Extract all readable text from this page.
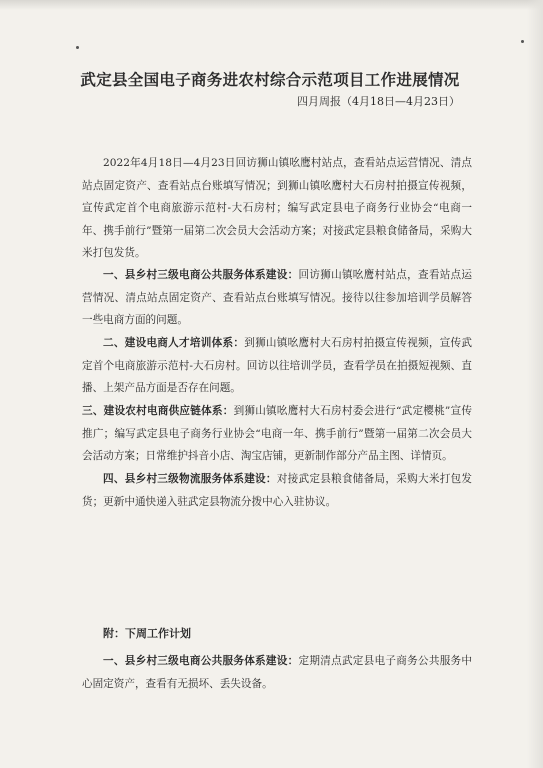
武定县全国电子商务进农村综合示范项目工作进展情况
四月周报（4月18日—4月23日）

2022年4月18日—4月23日回访狮山镇吆鹰村站点，查看站点运营情况、清点站点固定资产、查看站点台账填写情况；到狮山镇吆鹰村大石房村拍摄宣传视频，宣传武定首个电商旅游示范村-大石房村；编写武定县电子商务行业协会“电商一年、携手前行”暨第一届第二次会员大会活动方案；对接武定县粮食储备局，采购大米打包发货。

一、县乡村三级电商公共服务体系建设：回访狮山镇吆鹰村站点，查看站点运营情况、清点站点固定资产、查看站点台账填写情况。接待以往参加培训学员解答一些电商方面的问题。

二、建设电商人才培训体系：到狮山镇吆鹰村大石房村拍摄宣传视频，宣传武定首个电商旅游示范村-大石房村。回访以往培训学员，查看学员在拍摄短视频、直播、上架产品方面是否存在问题。

三、建设农村电商供应链体系：到狮山镇吆鹰村大石房村委会进行“武定樱桃”宣传推广；编写武定县电子商务行业协会“电商一年、携手前行”暨第一届第二次会员大会活动方案；日常维护抖音小店、淘宝店铺，更新制作部分产品主图、详情页。

四、县乡村三级物流服务体系建设：对接武定县粮食储备局，采购大米打包发货；更新中通快递入驻武定县物流分拨中心入驻协议。

附：下周工作计划

一、县乡村三级电商公共服务体系建设：定期清点武定县电子商务公共服务中心固定资产，查看有无损坏、丢失设备。
